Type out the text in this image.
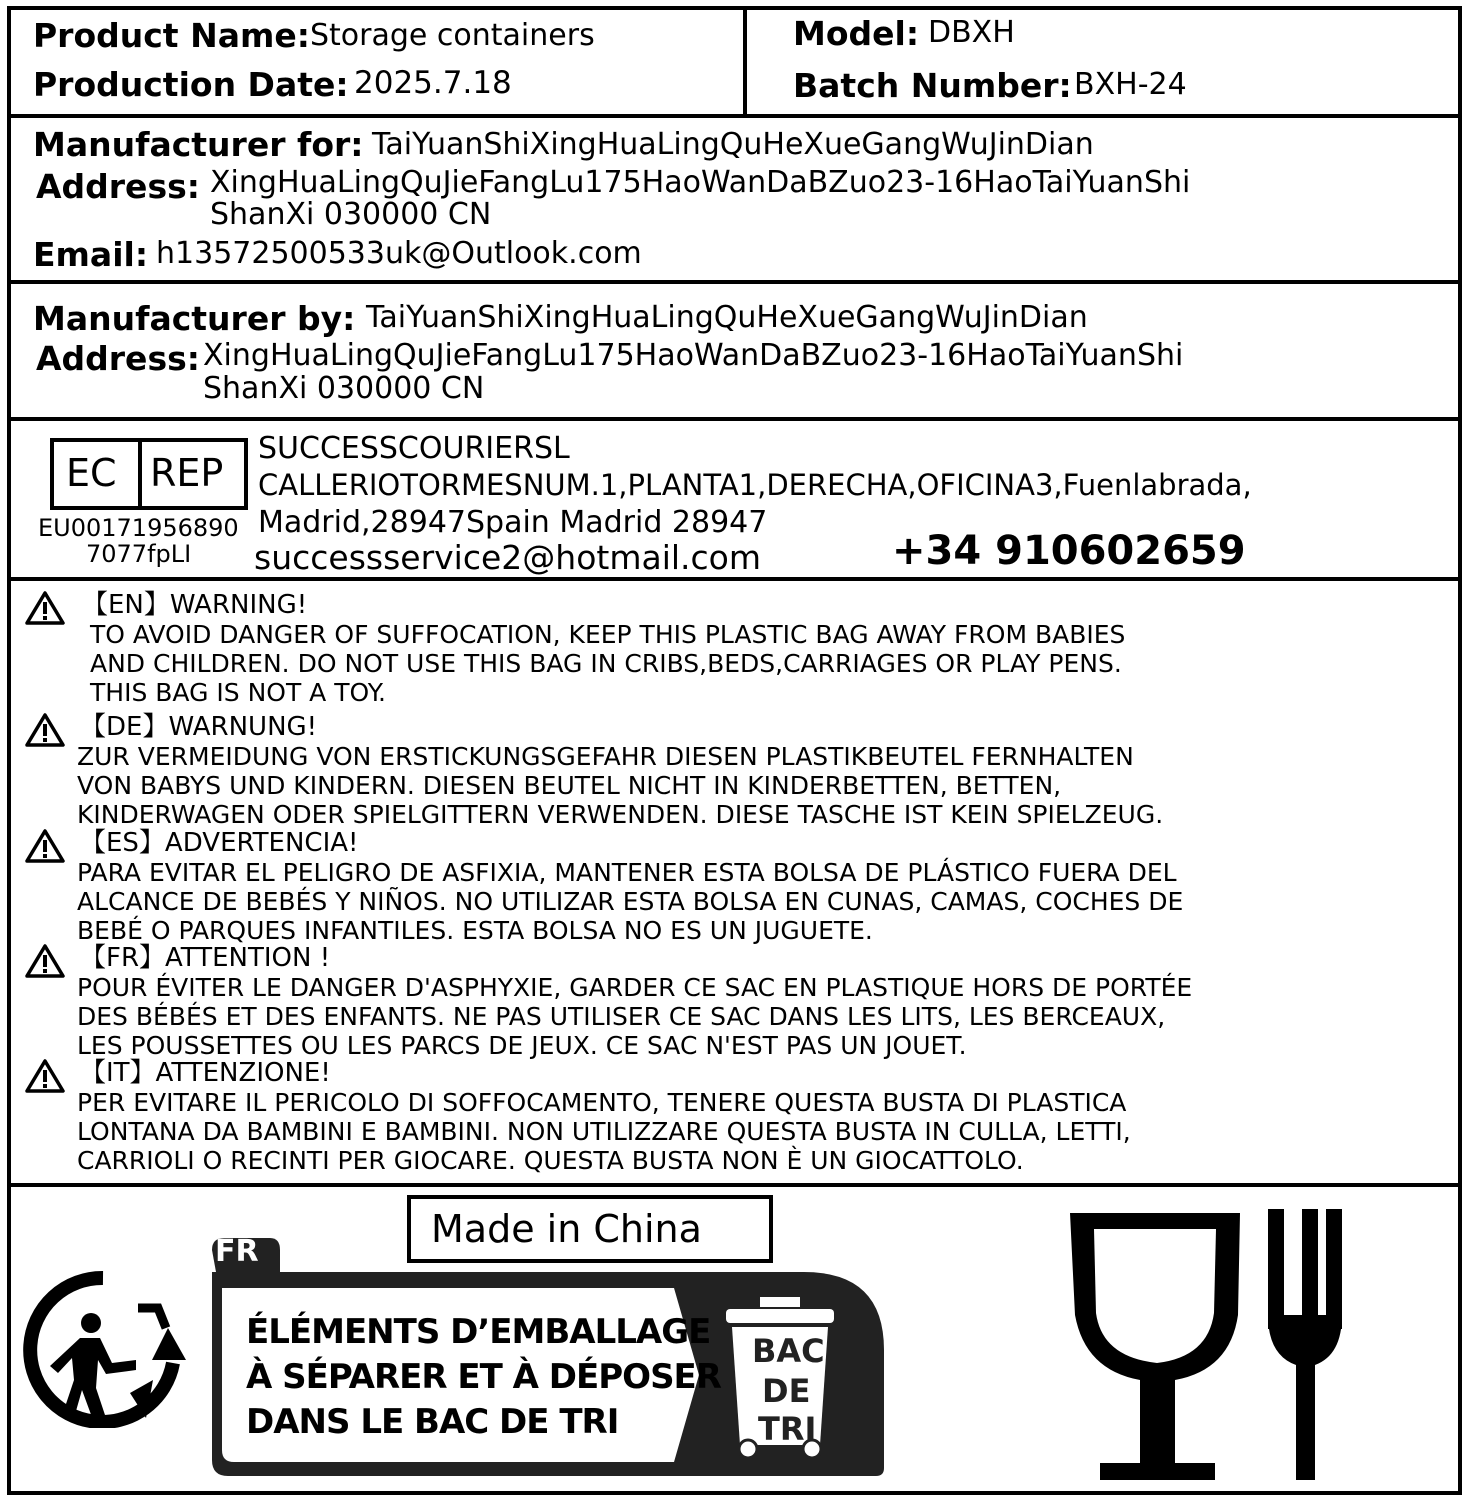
Product Name: Storage containers
Production Date: 2025.7.18
Model: DBXH
Batch Number: BXH-24
Manufacturer for: TaiYuanShiXingHuaLingQuHeXueGangWuJinDian
Address: XingHuaLingQuJieFangLu175HaoWanDaBZuo23-16HaoTaiYuanShi
ShanXi 030000 CN
Email: h13572500533uk@Outlook.com
Manufacturer by: TaiYuanShiXingHuaLingQuHeXueGangWuJinDian
Address: XingHuaLingQuJieFangLu175HaoWanDaBZuo23-16HaoTaiYuanShi
ShanXi 030000 CN
EC REP
EU00171956890
7077fpLI
SUCCESSCOURIERSL
CALLERIOTORMESNUM.1,PLANTA1,DERECHA,OFICINA3,Fuenlabrada,
Madrid,28947Spain Madrid 28947
successservice2@hotmail.com	+34 910602659
【EN】WARNING!
TO AVOID DANGER OF SUFFOCATION, KEEP THIS PLASTIC BAG AWAY FROM BABIES
AND CHILDREN. DO NOT USE THIS BAG IN CRIBS,BEDS,CARRIAGES OR PLAY PENS.
THIS BAG IS NOT A TOY.
【DE】WARNUNG!
ZUR VERMEIDUNG VON ERSTICKUNGSGEFAHR DIESEN PLASTIKBEUTEL FERNHALTEN
VON BABYS UND KINDERN. DIESEN BEUTEL NICHT IN KINDERBETTEN, BETTEN,
KINDERWAGEN ODER SPIELGITTERN VERWENDEN. DIESE TASCHE IST KEIN SPIELZEUG.
【ES】ADVERTENCIA!
PARA EVITAR EL PELIGRO DE ASFIXIA, MANTENER ESTA BOLSA DE PLÁSTICO FUERA DEL
ALCANCE DE BEBÉS Y NIÑOS. NO UTILIZAR ESTA BOLSA EN CUNAS, CAMAS, COCHES DE
BEBÉ O PARQUES INFANTILES. ESTA BOLSA NO ES UN JUGUETE.
【FR】ATTENTION !
POUR ÉVITER LE DANGER D'ASPHYXIE, GARDER CE SAC EN PLASTIQUE HORS DE PORTÉE
DES BÉBÉS ET DES ENFANTS. NE PAS UTILISER CE SAC DANS LES LITS, LES BERCEAUX,
LES POUSSETTES OU LES PARCS DE JEUX. CE SAC N'EST PAS UN JOUET.
【IT】ATTENZIONE!
PER EVITARE IL PERICOLO DI SOFFOCAMENTO, TENERE QUESTA BUSTA DI PLASTICA
LONTANA DA BAMBINI E BAMBINI. NON UTILIZZARE QUESTA BUSTA IN CULLA, LETTI,
CARRIOLI O RECINTI PER GIOCARE. QUESTA BUSTA NON È UN GIOCATTOLO.
Made in China
FR
ÉLÉMENTS D’EMBALLAGE
À SÉPARER ET À DÉPOSER
DANS LE BAC DE TRI
BAC
DE
TRI
